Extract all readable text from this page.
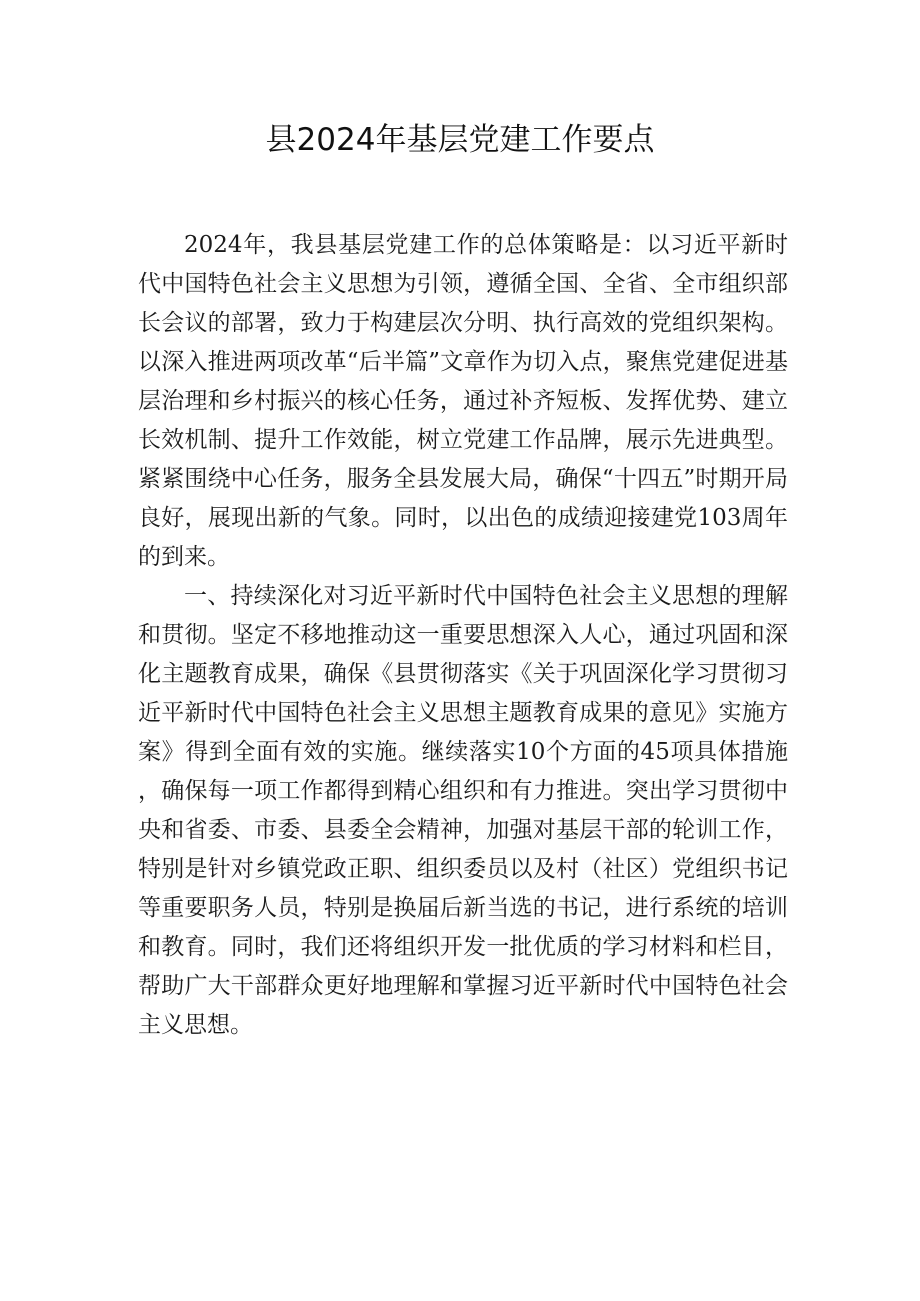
县2024年基层党建工作要点

2024年，我县基层党建工作的总体策略是：以习近平新时代中国特色社会主义思想为引领，遵循全国、全省、全市组织部长会议的部署，致力于构建层次分明、执行高效的党组织架构。以深入推进两项改革“后半篇”文章作为切入点，聚焦党建促进基层治理和乡村振兴的核心任务，通过补齐短板、发挥优势、建立长效机制、提升工作效能，树立党建工作品牌，展示先进典型。紧紧围绕中心任务，服务全县发展大局，确保“十四五”时期开局良好，展现出新的气象。同时，以出色的成绩迎接建党103周年的到来。

一、持续深化对习近平新时代中国特色社会主义思想的理解和贯彻。坚定不移地推动这一重要思想深入人心，通过巩固和深化主题教育成果，确保《县贯彻落实《关于巩固深化学习贯彻习近平新时代中国特色社会主义思想主题教育成果的意见》实施方案》得到全面有效的实施。继续落实10个方面的45项具体措施，确保每一项工作都得到精心组织和有力推进。突出学习贯彻中央和省委、市委、县委全会精神，加强对基层干部的轮训工作，特别是针对乡镇党政正职、组织委员以及村（社区）党组织书记等重要职务人员，特别是换届后新当选的书记，进行系统的培训和教育。同时，我们还将组织开发一批优质的学习材料和栏目，帮助广大干部群众更好地理解和掌握习近平新时代中国特色社会主义思想。
